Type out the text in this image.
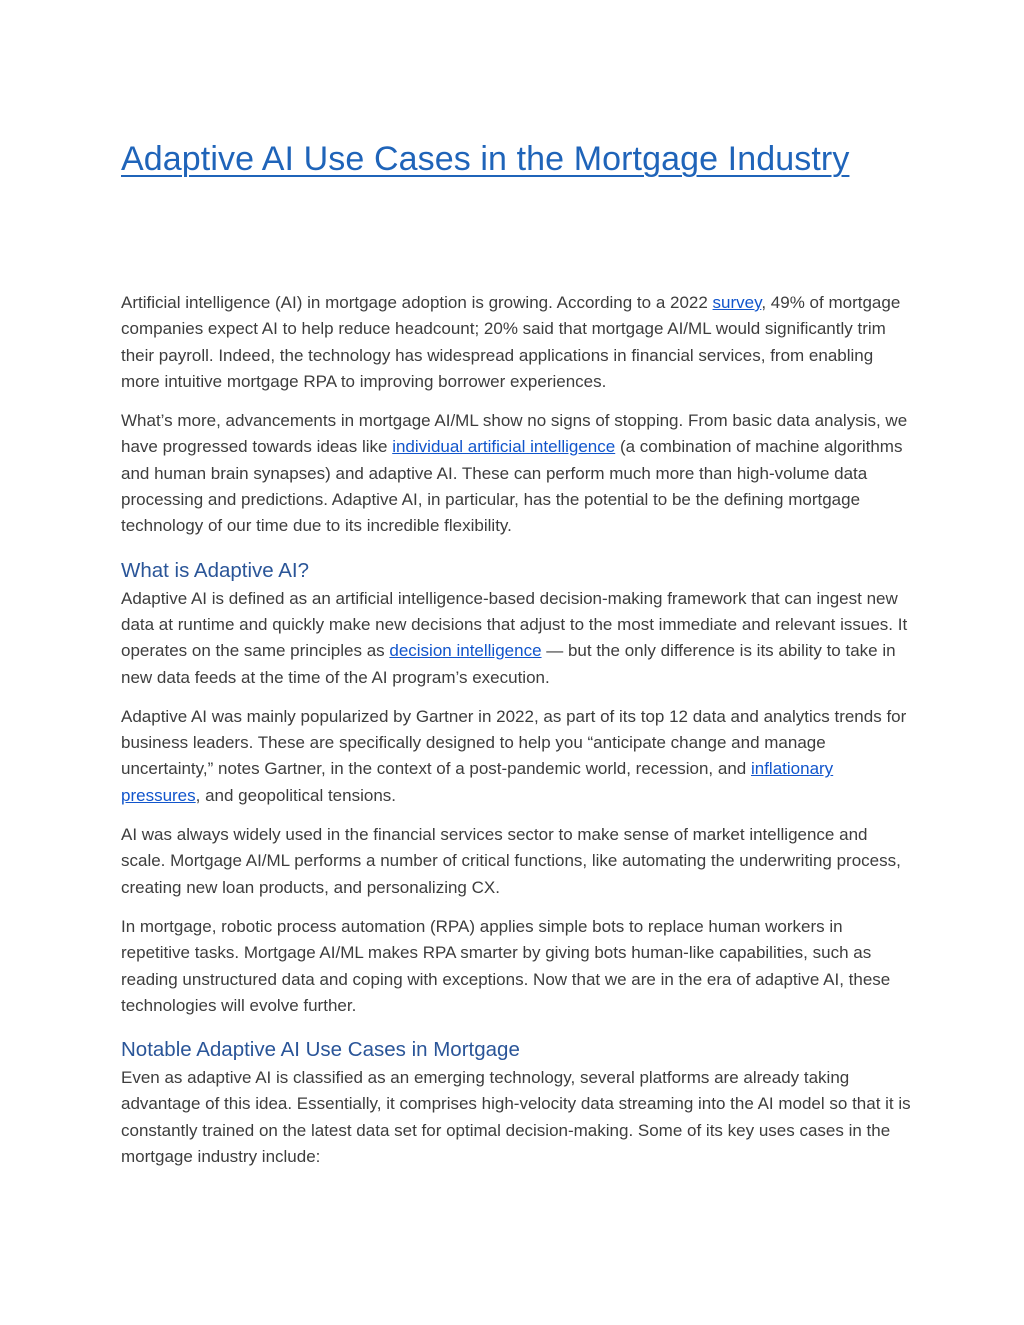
Adaptive AI Use Cases in the Mortgage Industry

Artificial intelligence (AI) in mortgage adoption is growing. According to a 2022 survey, 49% of mortgage companies expect AI to help reduce headcount; 20% said that mortgage AI/ML would significantly trim their payroll. Indeed, the technology has widespread applications in financial services, from enabling more intuitive mortgage RPA to improving borrower experiences.

What’s more, advancements in mortgage AI/ML show no signs of stopping. From basic data analysis, we have progressed towards ideas like individual artificial intelligence (a combination of machine algorithms and human brain synapses) and adaptive AI. These can perform much more than high-volume data processing and predictions. Adaptive AI, in particular, has the potential to be the defining mortgage technology of our time due to its incredible flexibility.

What is Adaptive AI?

Adaptive AI is defined as an artificial intelligence-based decision-making framework that can ingest new data at runtime and quickly make new decisions that adjust to the most immediate and relevant issues. It operates on the same principles as decision intelligence — but the only difference is its ability to take in new data feeds at the time of the AI program’s execution.

Adaptive AI was mainly popularized by Gartner in 2022, as part of its top 12 data and analytics trends for business leaders. These are specifically designed to help you “anticipate change and manage uncertainty,” notes Gartner, in the context of a post-pandemic world, recession, and inflationary pressures, and geopolitical tensions.

AI was always widely used in the financial services sector to make sense of market intelligence and scale. Mortgage AI/ML performs a number of critical functions, like automating the underwriting process, creating new loan products, and personalizing CX.

In mortgage, robotic process automation (RPA) applies simple bots to replace human workers in repetitive tasks. Mortgage AI/ML makes RPA smarter by giving bots human-like capabilities, such as reading unstructured data and coping with exceptions. Now that we are in the era of adaptive AI, these technologies will evolve further.

Notable Adaptive AI Use Cases in Mortgage

Even as adaptive AI is classified as an emerging technology, several platforms are already taking advantage of this idea. Essentially, it comprises high-velocity data streaming into the AI model so that it is constantly trained on the latest data set for optimal decision-making. Some of its key uses cases in the mortgage industry include:
